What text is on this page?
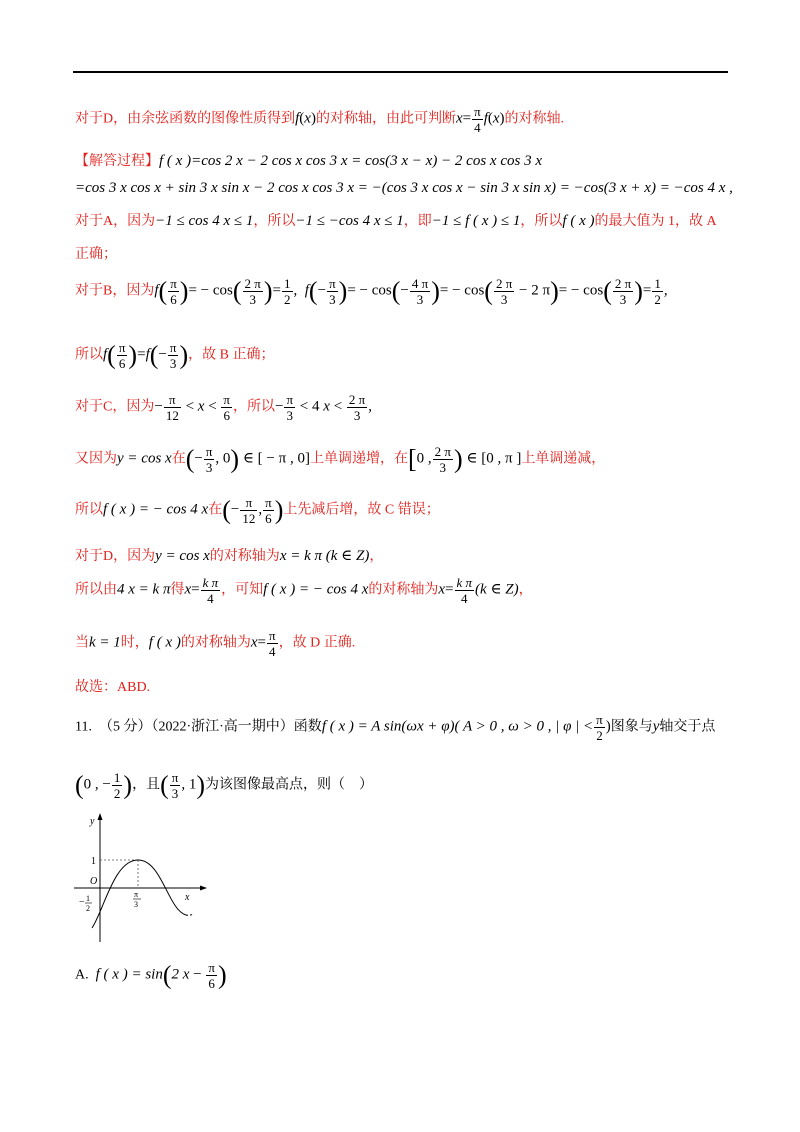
对于D，由余弦函数的图像性质得到f(x)的对称轴，由此可判断$x= \frac{\pi}{4} f(x)$的对称轴.
【解答过程】f ( x )=cos 2 x − 2 cos x cos 3 x = cos(3 x − x) − 2 cos x cos 3 x
=cos 3 x cos x + sin 3 x sin x − 2 cos x cos 3 x = −(cos 3 x cos x − sin 3 x sin x) = −cos(3 x + x) = −cos 4 x ,
对于A，因为−1 ≤ cos 4 x ≤ 1，所以−1 ≤ −cos 4 x ≤ 1，即−1 ≤ f ( x ) ≤ 1，所以f ( x )的最大值为 1，故 A
正确；
对于B，因为$f( \frac{\pi}{6}$ )= − $\cos( \frac{2 \pi}{3}$ )= $\frac{1}{2}$ ,  $f(- \frac{\pi}{3}$ )= − $\cos(- \frac{4 \pi}{3}$ )= − $\cos( \frac{2 \pi}{3} - 2$ $\pi)= - \cos( \frac{2 \pi}{3}$ )= $\frac{1}{2}$ ,
所以$f( \frac{\pi}{6} )=f(- \frac{\pi}{3}$ )，故 B 正确；
对于C，因为− $\frac{\pi}{12} < x < \frac{\pi}{6}$ ，所以− $\frac{\pi}{3} < 4$ $x < \frac{2 \pi}{3}$ ,
又因为y = cos x在(− $\frac{\pi}{3}$ , 0) ∈ [ − π , 0]上单调递增，在[0 , $\frac{2 \pi}{3}$ ) ∈ [0 , π ]上单调递减，
所以f ( x ) = − cos 4 x在(− $\frac{\pi}{12}$ , $\frac{\pi}{6}$ )上先减后增，故 C 错误；
对于D，因为y = cos x的对称轴为x = k π (k ∈ Z)，
所以由4 x = k π得$x= \frac{\text{k π}}{4}$ ，可知f ( x ) = − cos 4 x的对称轴为$x= \frac{\text{k π}}{4} (k$ ∈ Z)，
当k = 1时，f ( x )的对称轴为$x= \frac{\pi}{4}$ ，故 D 正确.
故选：ABD.
11.　（5 分）（2022·浙江·高一期中）函数f ( x ) = A sin(ωx + φ)( A > 0 , ω > 0 , | φ | < $\frac{\pi}{2}$ )图象与y轴交于点
(0 , − $\frac{1}{2}$ )，且( $\frac{\pi}{3}$ , 1)为该图像最高点，则（　）
y
x
O
1
− 1
2
π
3
A. f ( x ) = sin(2 $x - \frac{\pi}{6}$ )
